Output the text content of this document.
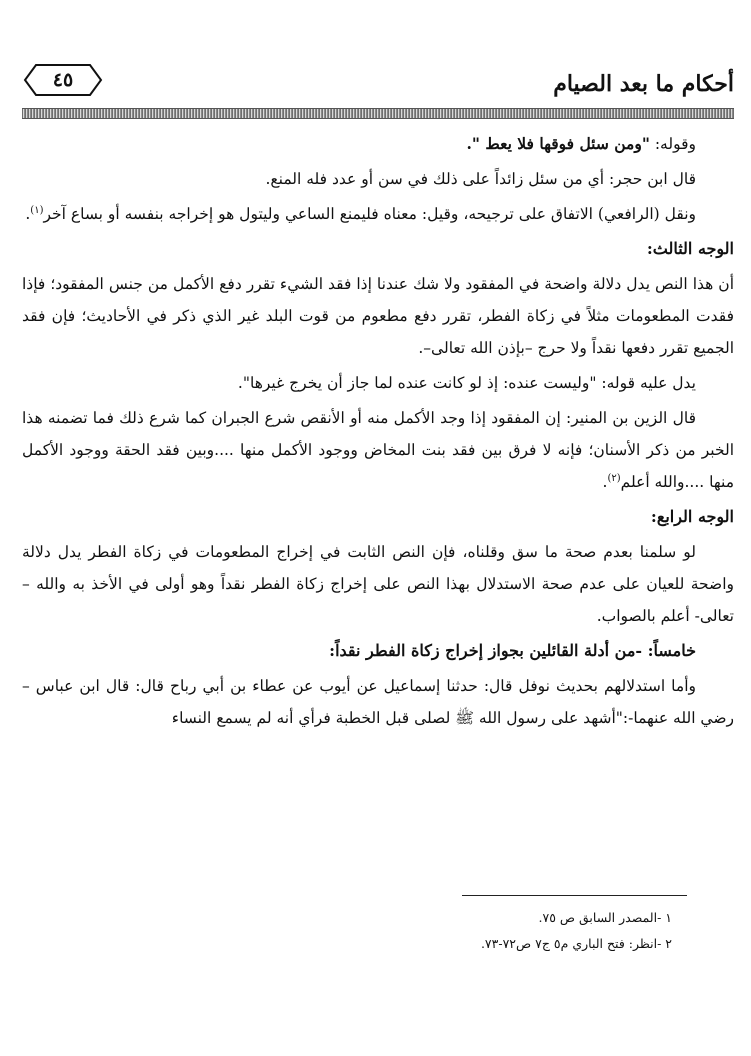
أحكام ما بعد الصيام
٤٥

وقوله: "ومن سئل فوقها فلا يعط ".

قال ابن حجر: أي من سئل زائداً على ذلك في سن أو عدد فله المنع.

ونقل (الرافعي) الاتفاق على ترجيحه، وقيل: معناه فليمنع الساعي وليتول هو إخراجه بنفسه أو بساع آخر$^{(١)}$.

الوجه الثالث:

أن هذا النص يدل دلالة واضحة في المفقود ولا شك عندنا إذا فقد الشيء تقرر دفع الأكمل من جنس المفقود؛ فإذا فقدت المطعومات مثلاً في زكاة الفطر، تقرر دفع مطعوم من قوت البلد غير الذي ذكر في الأحاديث؛ فإن فقد الجميع تقرر دفعها نقداً ولا حرج –بإذن الله تعالى–.

يدل عليه قوله: "وليست عنده: إذ لو كانت عنده لما جاز أن يخرج غيرها".

قال الزين بن المنير: إن المفقود إذا وجد الأكمل منه أو الأنقص شرع الجبران كما شرع ذلك فما تضمنه هذا الخبر من ذكر الأسنان؛ فإنه لا فرق بين فقد بنت المخاض ووجود الأكمل منها ....وبين فقد الحقة ووجود الأكمل منها ....والله أعلم$^{(٢)}$.

الوجه الرابع:

لو سلمنا بعدم صحة ما سق وقلناه، فإن النص الثابت في إخراج المطعومات في زكاة الفطر يدل دلالة واضحة للعيان على عدم صحة الاستدلال بهذا النص على إخراج زكاة الفطر نقداً وهو أولى في الأخذ به والله –تعالى- أعلم بالصواب.

خامساً: -من أدلة القائلين بجواز إخراج زكاة الفطر نقداً:

وأما استدلالهم بحديث نوفل قال: حدثنا إسماعيل عن أيوب عن عطاء بن أبي رباح قال: قال ابن عباس –رضي الله عنهما-:"أشهد على رسول الله ﷺ لصلى قبل الخطبة فرأي أنه لم يسمع النساء

١ -المصدر السابق ص ٧٥.

٢ -انظر: فتح الباري م٥ ج٧ ص٧٢-٧٣.
